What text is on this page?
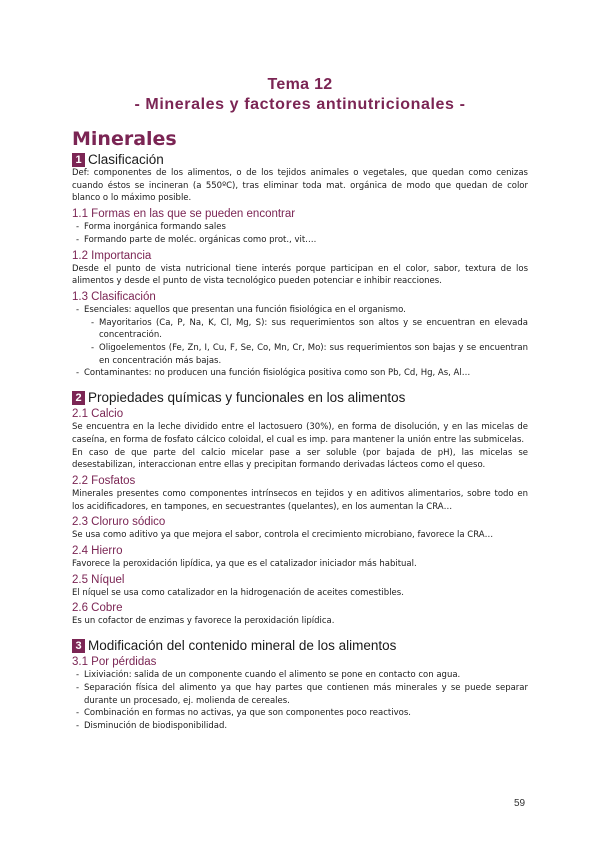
Tema 12
- Minerales y factores antinutricionales -
Minerales
1 Clasificación

Def: componentes de los alimentos, o de los tejidos animales o vegetales, que quedan como cenizas cuando éstos se incineran (a 550ºC), tras eliminar toda mat. orgánica de modo que quedan de color blanco o lo máximo posible.

1.1 Formas en las que se pueden encontrar
- Forma inorgánica formando sales
- Formando parte de moléc. orgánicas como prot., vit….
1.2 Importancia

Desde el punto de vista nutricional tiene interés porque participan en el color, sabor, textura de los alimentos y desde el punto de vista tecnológico pueden potenciar e inhibir reacciones.

1.3 Clasificación
- Esenciales: aquellos que presentan una función fisiológica en el organismo.
- Mayoritarios (Ca, P, Na, K, Cl, Mg, S): sus requerimientos son altos y se encuentran en elevada concentración.
- Oligoelementos (Fe, Zn, I, Cu, F, Se, Co, Mn, Cr, Mo): sus requerimientos son bajas y se encuentran en concentración más bajas.
- Contaminantes: no producen una función fisiológica positiva como son Pb, Cd, Hg, As, Al…
2 Propiedades químicas y funcionales en los alimentos
2.1 Calcio

Se encuentra en la leche dividido entre el lactosuero (30%), en forma de disolución, y en las micelas de caseína, en forma de fosfato cálcico coloidal, el cual es imp. para mantener la unión entre las submicelas.

En caso de que parte del calcio micelar pase a ser soluble (por bajada de pH), las micelas se desestabilizan, interaccionan entre ellas y precipitan formando derivadas lácteos como el queso.

2.2 Fosfatos

Minerales presentes como componentes intrínsecos en tejidos y en aditivos alimentarios, sobre todo en los acidificadores, en tampones, en secuestrantes (quelantes), en los aumentan la CRA…

2.3 Cloruro sódico

Se usa como aditivo ya que mejora el sabor, controla el crecimiento microbiano, favorece la CRA…

2.4 Hierro

Favorece la peroxidación lipídica, ya que es el catalizador iniciador más habitual.

2.5 Níquel

El níquel se usa como catalizador en la hidrogenación de aceites comestibles.

2.6 Cobre

Es un cofactor de enzimas y favorece la peroxidación lipídica.

3 Modificación del contenido mineral de los alimentos
3.1 Por pérdidas
- Lixiviación: salida de un componente cuando el alimento se pone en contacto con agua.
- Separación física del alimento ya que hay partes que contienen más minerales y se puede separar durante un procesado, ej. molienda de cereales.
- Combinación en formas no activas, ya que son componentes poco reactivos.
- Disminución de biodisponibilidad.
59
